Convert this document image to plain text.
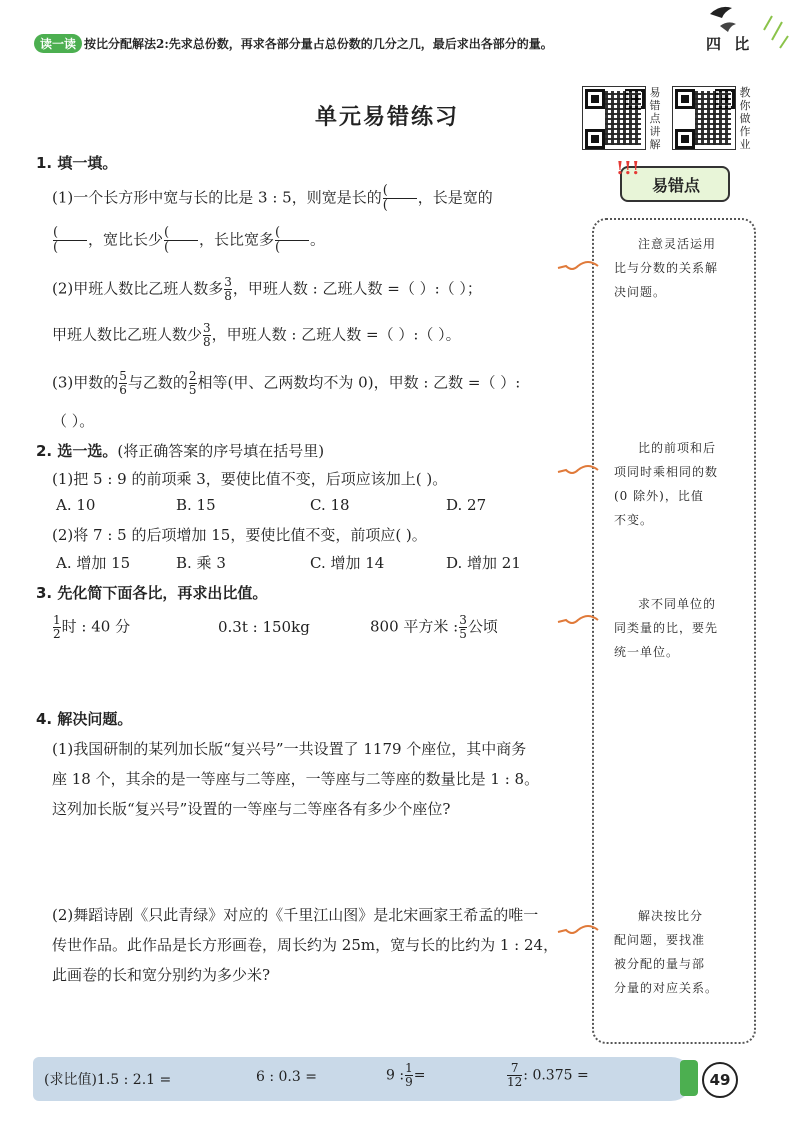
读一读 按比分配解法2:先求总份数，再求各部分量占总份数的几分之几，最后求出各部分的量。	四 比
单元易错练习
易错点讲解
教你做作业
!!!
易错点
注意灵活运用
比与分数的关系解
决问题。
比的前项和后
项同时乘相同的数
(0 除外)，比值
不变。
求不同单位的
同类量的比，要先
统一单位。
解决按比分
配问题，要找准
被分配的量与部
分量的对应关系。
1. 填一填。
(1)一个长方形中宽与长的比是 3 : 5，则宽是长的 (
( ，长是宽的
(
( ，宽比长少 (
( ，长比宽多 (
( 。
(2)甲班人数比乙班人数多 $\frac{3}{8}$ ，甲班人数 : 乙班人数 =（ ）:（ ）；
甲班人数比乙班人数少 $\frac{3}{8}$ ，甲班人数 : 乙班人数 =（ ）:（ ）。
(3)甲数的 $\frac{5}{6}$ 与乙数的 $\frac{2}{5}$ 相等(甲、乙两数均不为 0)，甲数 : 乙数 =（ ）:
（ ）。
2. 选一选。(将正确答案的序号填在括号里)
(1)把 5 : 9 的前项乘 3，要使比值不变，后项应该加上( )。
A. 10	B. 15	C. 18	D. 27
(2)将 7 : 5 的后项增加 15，要使比值不变，前项应( )。
A. 增加 15	B. 乘 3	C. 增加 14	D. 增加 21
3. 先化简下面各比，再求出比值。
$\frac{1}{2}$ 时 : 40 分	0.3t : 150kg	800 平方米 : $\frac{3}{5}$ 公顷
4. 解决问题。
(1)我国研制的某列加长版“复兴号”一共设置了 1179 个座位，其中商务
座 18 个，其余的是一等座与二等座，一等座与二等座的数量比是 1 : 8。
这列加长版“复兴号”设置的一等座与二等座各有多少个座位?
(2)舞蹈诗剧《只此青绿》对应的《千里江山图》是北宋画家王希孟的唯一
传世作品。此作品是长方形画卷，周长约为 25m，宽与长的比约为 1 : 24，
此画卷的长和宽分别约为多少米?
(求比值)1.5 : 2.1 =	6 : 0.3 =	9 : $\frac{1}{9}$ =	$\frac{7}{12}$ : 0.375 =	49
